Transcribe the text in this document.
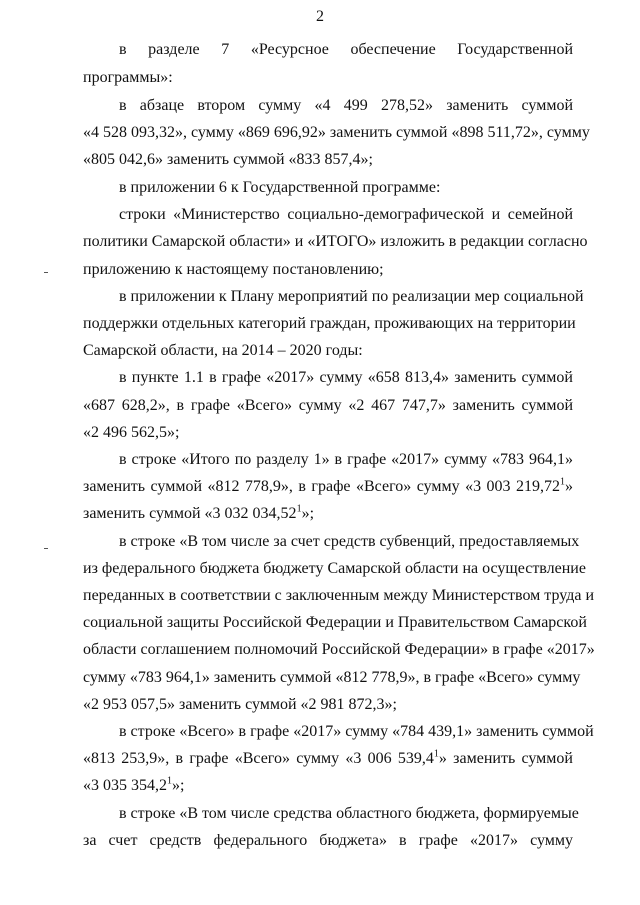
2
в разделе 7 «Ресурсное обеспечение Государственной
программы»:
в абзаце втором сумму «4 499 278,52» заменить суммой
«4 528 093,32», сумму «869 696,92» заменить суммой «898 511,72», сумму
«805 042,6» заменить суммой «833 857,4»;
в приложении 6 к Государственной программе:
строки «Министерство социально-демографической и семейной
политики Самарской области» и «ИТОГО» изложить в редакции согласно
приложению к настоящему постановлению;
в приложении к Плану мероприятий по реализации мер социальной
поддержки отдельных категорий граждан, проживающих на территории
Самарской области, на 2014 – 2020 годы:
в пункте 1.1 в графе «2017» сумму «658 813,4» заменить суммой
«687 628,2», в графе «Всего» сумму «2 467 747,7» заменить суммой
«2 496 562,5»;
в строке «Итого по разделу 1» в графе «2017» сумму «783 964,1»
заменить суммой «812 778,9», в графе «Всего» сумму «3 003 219,72$^1$»
заменить суммой «3 032 034,52$^1$»;
в строке «В том числе за счет средств субвенций, предоставляемых
из федерального бюджета бюджету Самарской области на осуществление
переданных в соответствии с заключенным между Министерством труда и
социальной защиты Российской Федерации и Правительством Самарской
области соглашением полномочий Российской Федерации» в графе «2017»
сумму «783 964,1» заменить суммой «812 778,9», в графе «Всего» сумму
«2 953 057,5» заменить суммой «2 981 872,3»;
в строке «Всего» в графе «2017» сумму «784 439,1» заменить суммой
«813 253,9», в графе «Всего» сумму «3 006 539,4$^1$» заменить суммой
«3 035 354,2$^1$»;
в строке «В том числе средства областного бюджета, формируемые
за счет средств федерального бюджета» в графе «2017» сумму
